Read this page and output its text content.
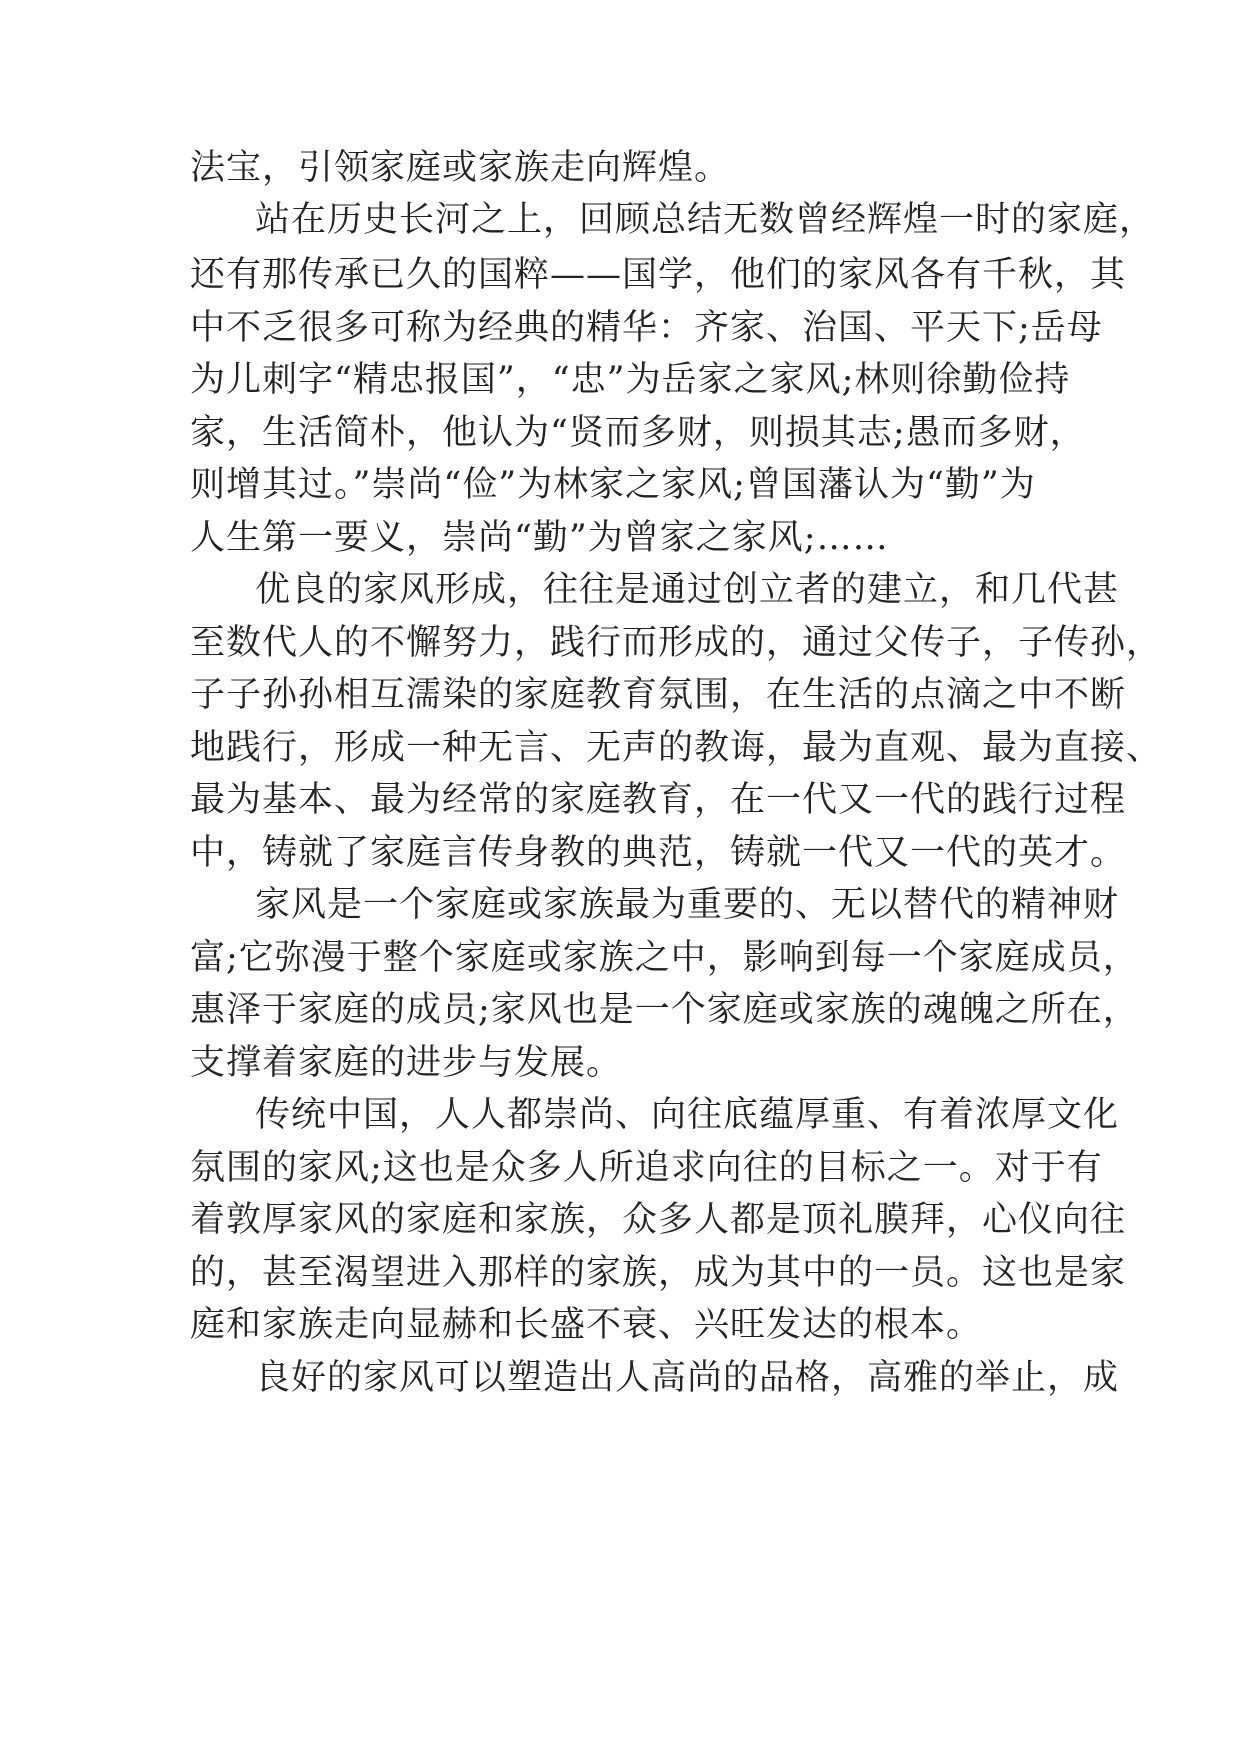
法宝，引领家庭或家族走向辉煌。
站在历史长河之上，回顾总结无数曾经辉煌一时的家庭，
还有那传承已久的国粹——国学，他们的家风各有千秋，其
中不乏很多可称为经典的精华：齐家、治国、平天下;岳母
为儿刺字“精忠报国”，“忠”为岳家之家风;林则徐勤俭持
家，生活简朴，他认为“贤而多财，则损其志;愚而多财，
则增其过。”崇尚“俭”为林家之家风;曾国藩认为“勤”为
人生第一要义，崇尚“勤”为曾家之家风;……
优良的家风形成，往往是通过创立者的建立，和几代甚
至数代人的不懈努力，践行而形成的，通过父传子，子传孙，
子子孙孙相互濡染的家庭教育氛围，在生活的点滴之中不断
地践行，形成一种无言、无声的教诲，最为直观、最为直接、
最为基本、最为经常的家庭教育，在一代又一代的践行过程
中，铸就了家庭言传身教的典范，铸就一代又一代的英才。
家风是一个家庭或家族最为重要的、无以替代的精神财
富;它弥漫于整个家庭或家族之中，影响到每一个家庭成员，
惠泽于家庭的成员;家风也是一个家庭或家族的魂魄之所在，
支撑着家庭的进步与发展。
传统中国，人人都崇尚、向往底蕴厚重、有着浓厚文化
氛围的家风;这也是众多人所追求向往的目标之一。对于有
着敦厚家风的家庭和家族，众多人都是顶礼膜拜，心仪向往
的，甚至渴望进入那样的家族，成为其中的一员。这也是家
庭和家族走向显赫和长盛不衰、兴旺发达的根本。
良好的家风可以塑造出人高尚的品格，高雅的举止，成
